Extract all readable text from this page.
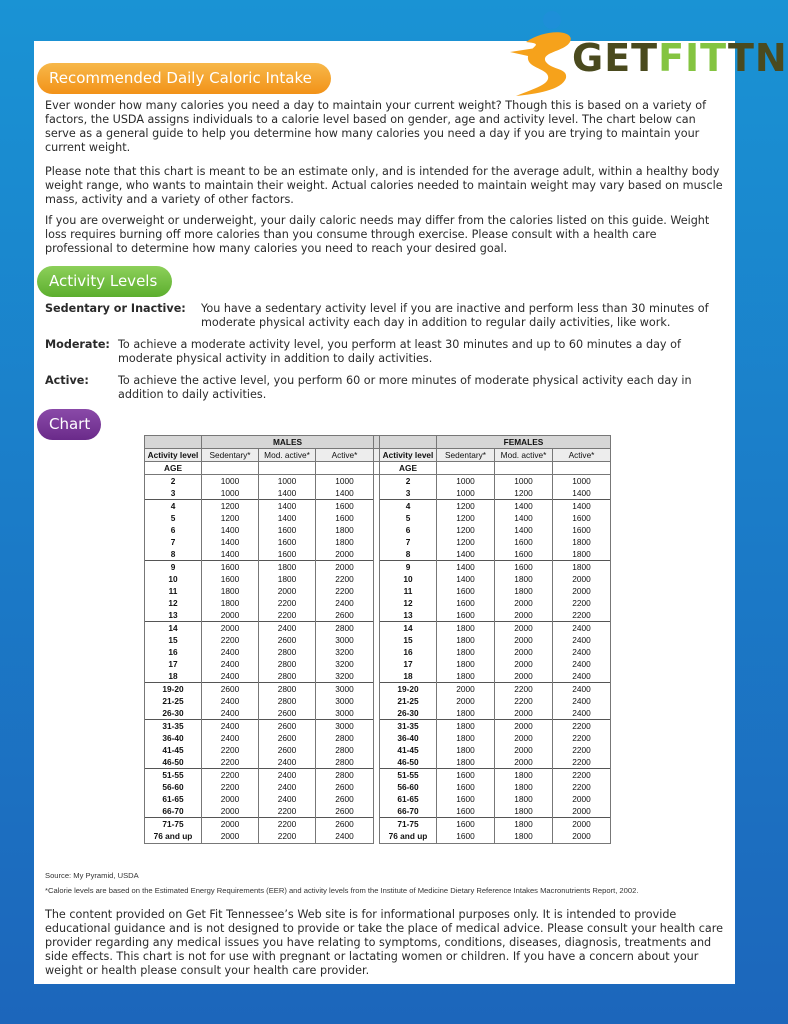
GETFITTN
Recommended Daily Caloric Intake

Ever wonder how many calories you need a day to maintain your current weight? Though this is based on a variety of factors, the USDA assigns individuals to a calorie level based on gender, age and activity level. The chart below can serve as a general guide to help you determine how many calories you need a day if you are trying to maintain your current weight.

Please note that this chart is meant to be an estimate only, and is intended for the average adult, within a healthy body weight range, who wants to maintain their weight. Actual calories needed to maintain weight may vary based on muscle mass, activity and a variety of other factors.

If you are overweight or underweight, your daily caloric needs may differ from the calories listed on this guide. Weight loss requires burning off more calories than you consume through exercise. Please consult with a health care professional to determine how many calories you need to reach your desired goal.

Activity Levels
Sedentary or Inactive: You have a sedentary activity level if you are inactive and perform less than 30 minutes of moderate physical activity each day in addition to regular daily activities, like work.
Moderate: To achieve a moderate activity level, you perform at least 30 minutes and up to 60 minutes a day of moderate physical activity in addition to daily activities.
Active:	To achieve the active level, you perform 60 or more minutes of moderate physical activity each day in addition to daily activities.
Chart
	MALES					FEMALES		
Activity level	Sedentary*	Mod. active*	Active*		Activity level	Sedentary*	Mod. active*	Active*
AGE					AGE			
2	1000	1000	1000		2	1000	1000	1000
3	1000	1400	1400		3	1000	1200	1400
4	1200	1400	1600		4	1200	1400	1400
5	1200	1400	1600		5	1200	1400	1600
6	1400	1600	1800		6	1200	1400	1600
7	1400	1600	1800		7	1200	1600	1800
8	1400	1600	2000		8	1400	1600	1800
9	1600	1800	2000		9	1400	1600	1800
10	1600	1800	2200		10	1400	1800	2000
11	1800	2000	2200		11	1600	1800	2000
12	1800	2200	2400		12	1600	2000	2200
13	2000	2200	2600		13	1600	2000	2200
14	2000	2400	2800		14	1800	2000	2400
15	2200	2600	3000		15	1800	2000	2400
16	2400	2800	3200		16	1800	2000	2400
17	2400	2800	3200		17	1800	2000	2400
18	2400	2800	3200		18	1800	2000	2400
19-20	2600	2800	3000		19-20	2000	2200	2400
21-25	2400	2800	3000		21-25	2000	2200	2400
26-30	2400	2600	3000		26-30	1800	2000	2400
31-35	2400	2600	3000		31-35	1800	2000	2200
36-40	2400	2600	2800		36-40	1800	2000	2200
41-45	2200	2600	2800		41-45	1800	2000	2200
46-50	2200	2400	2800		46-50	1800	2000	2200
51-55	2200	2400	2800		51-55	1600	1800	2200
56-60	2200	2400	2600		56-60	1600	1800	2200
61-65	2000	2400	2600		61-65	1600	1800	2000
66-70	2000	2200	2600		66-70	1600	1800	2000
71-75	2000	2200	2600		71-75	1600	1800	2000
76 and up	2000	2200	2400		76 and up	1600	1800	2000
Source: My Pyramid, USDA
*Calorie levels are based on the Estimated Energy Requirements (EER) and activity levels from the Institute of Medicine Dietary Reference Intakes Macronutrients Report, 2002.

The content provided on Get Fit Tennessee’s Web site is for informational purposes only. It is intended to provide educational guidance and is not designed to provide or take the place of medical advice. Please consult your health care provider regarding any medical issues you have relating to symptoms, conditions, diseases, diagnosis, treatments and side effects. This chart is not for use with pregnant or lactating women or children. If you have a concern about your weight or health please consult your health care provider.
